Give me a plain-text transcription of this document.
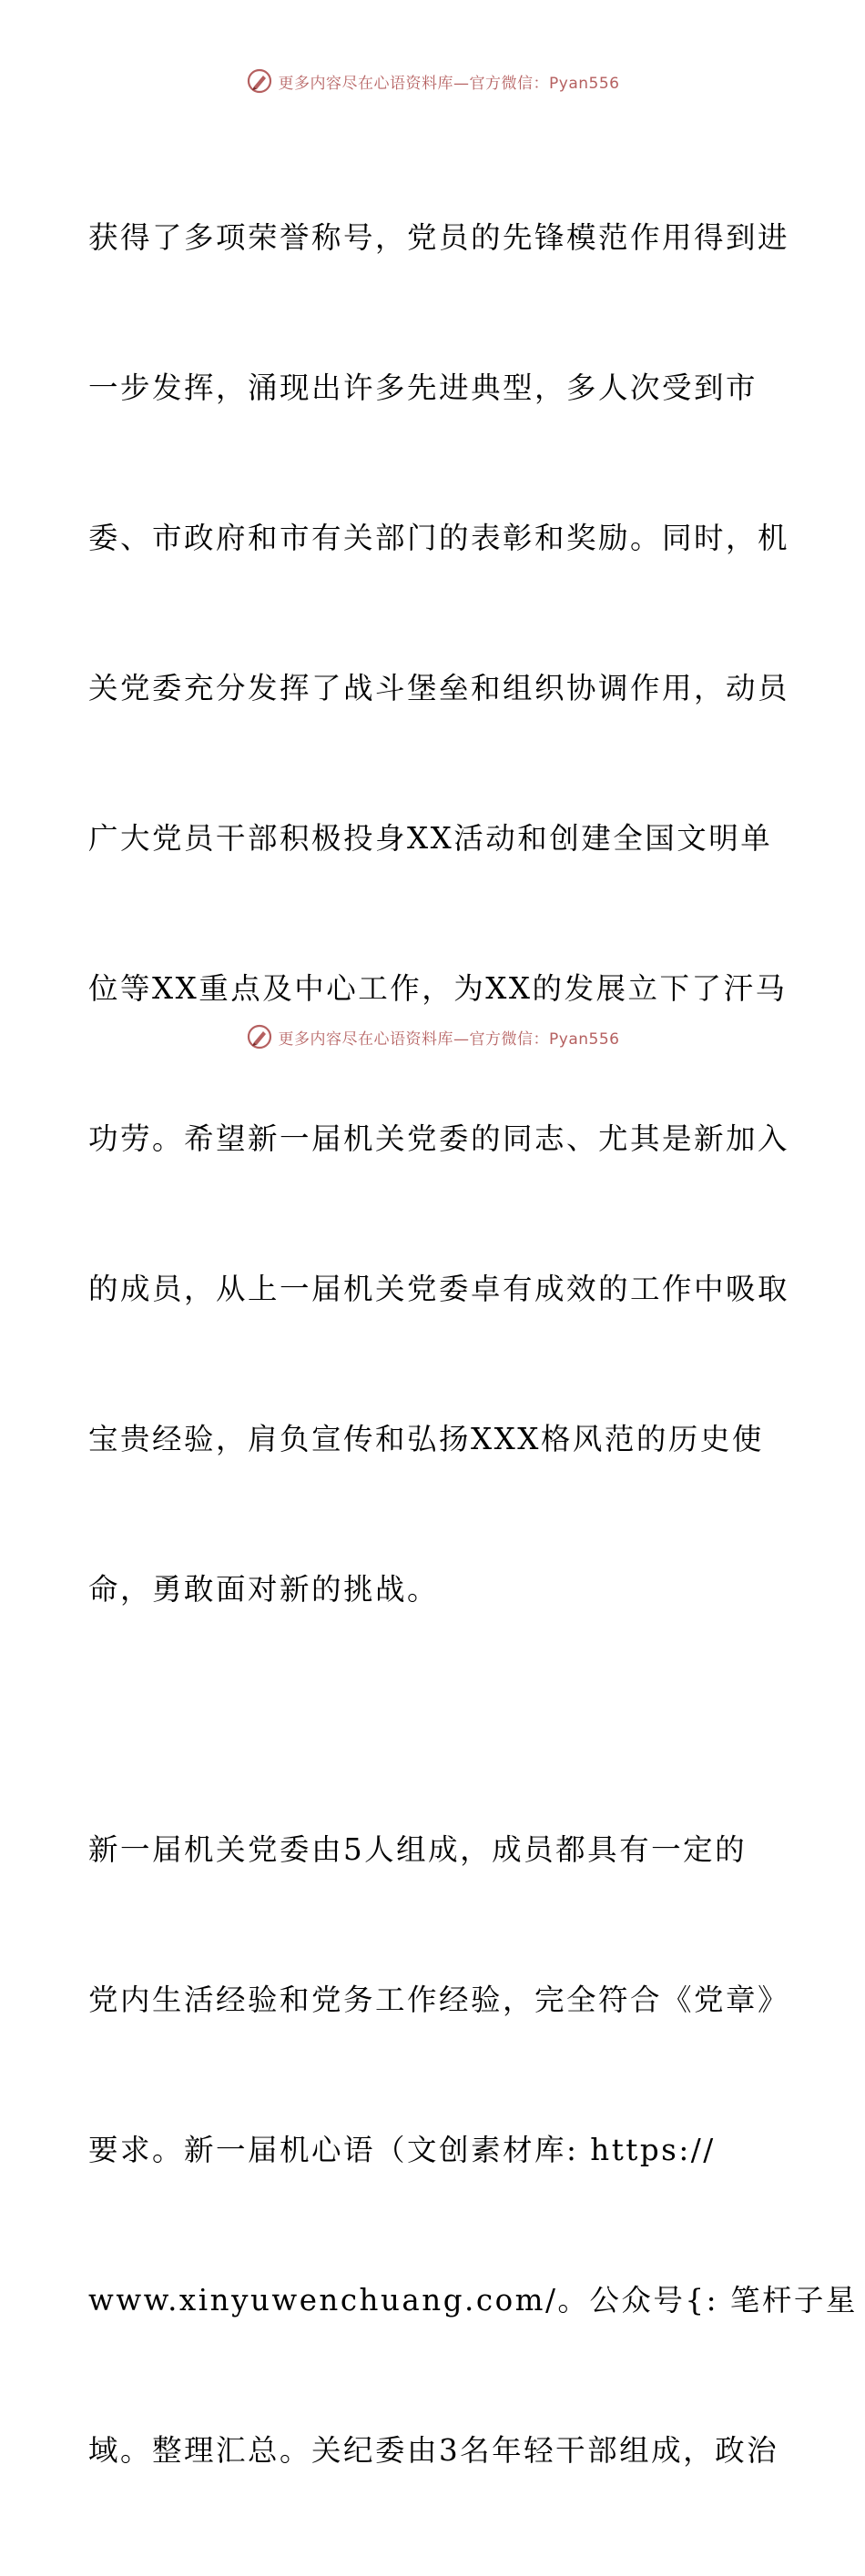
更多内容尽在心语资料库—官方微信：Pyan556

获得了多项荣誉称号，党员的先锋模范作用得到进

一步发挥，涌现出许多先进典型，多人次受到市

委、市政府和市有关部门的表彰和奖励。同时，机

关党委充分发挥了战斗堡垒和组织协调作用，动员

广大党员干部积极投身XX活动和创建全国文明单

位等XX重点及中心工作，为XX的发展立下了汗马

功劳。希望新一届机关党委的同志、尤其是新加入

的成员，从上一届机关党委卓有成效的工作中吸取

宝贵经验，肩负宣传和弘扬XXX格风范的历史使

命，勇敢面对新的挑战。

新一届机关党委由5人组成，成员都具有一定的

党内生活经验和党务工作经验，完全符合《党章》

要求。新一届机心语（文创素材库: https://

www.xinyuwenchuang.com/。公众号{: 笔杆子星

域。整理汇总。关纪委由3名年轻干部组成，政治

更多内容尽在心语资料库—官方微信：Pyan556
